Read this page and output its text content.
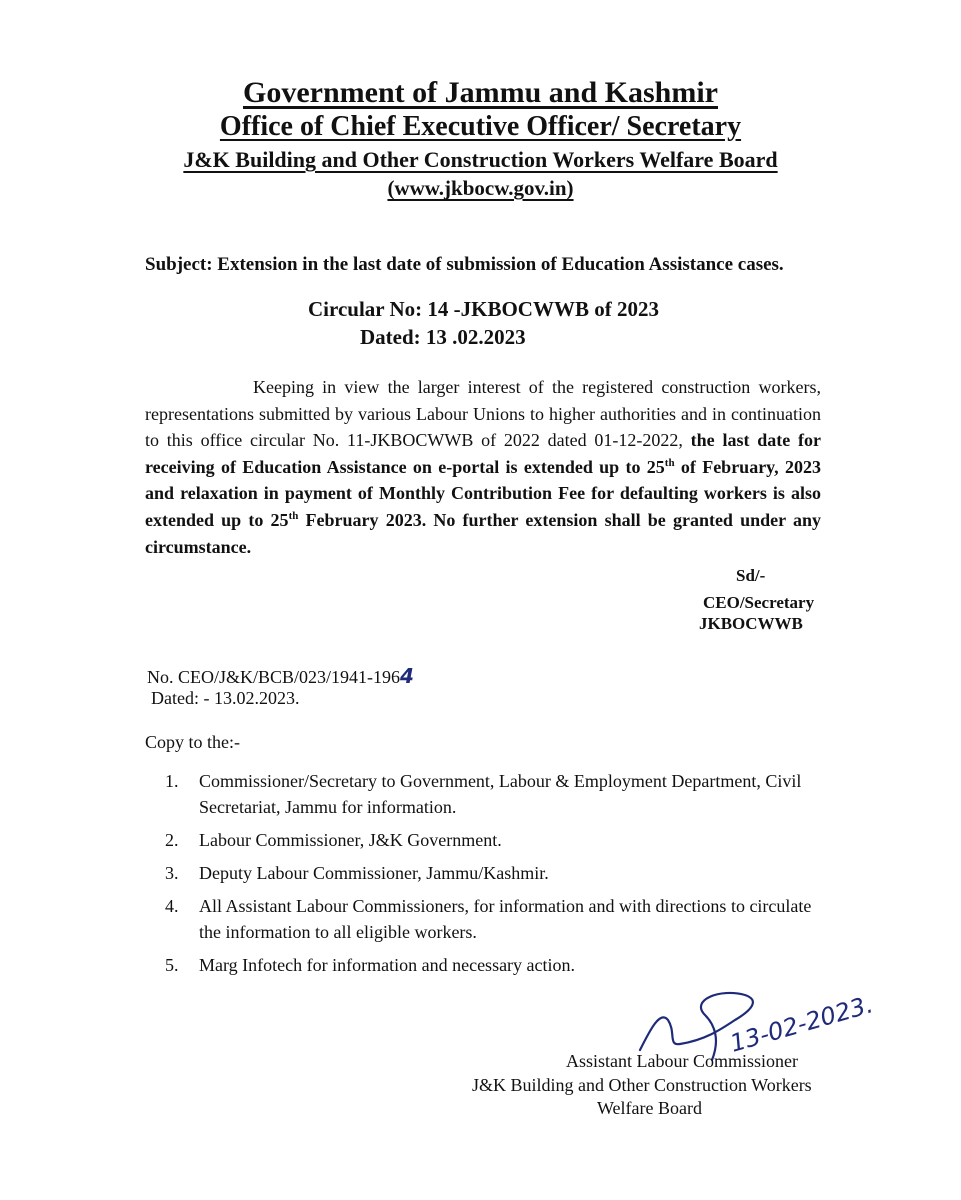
Government of Jammu and Kashmir
Office of Chief Executive Officer/ Secretary
J&K Building and Other Construction Workers Welfare Board
(www.jkbocw.gov.in)
Subject: Extension in the last date of submission of Education Assistance cases.
Circular No: 14 -JKBOCWWB of 2023
Dated: 13 .02.2023
Keeping in view the larger interest of the registered construction workers, representations submitted by various Labour Unions to higher authorities and in continuation to this office circular No. 11-JKBOCWWB of 2022 dated 01-12-2022, the last date for receiving of Education Assistance on e-portal is extended up to 25th of February, 2023 and relaxation in payment of Monthly Contribution Fee for defaulting workers is also extended up to 25th February 2023. No further extension shall be granted under any circumstance.
Sd/-
CEO/Secretary
JKBOCWWB
No. CEO/J&K/BCB/023/1941-1964
Dated: - 13.02.2023.
Copy to the:-
1. Commissioner/Secretary to Government, Labour & Employment Department, Civil Secretariat, Jammu for information.
2. Labour Commissioner, J&K Government.
3. Deputy Labour Commissioner, Jammu/Kashmir.
4. All Assistant Labour Commissioners, for information and with directions to circulate the information to all eligible workers.
5. Marg Infotech for information and necessary action.
13-02-2023.
Assistant Labour Commissioner
J&K Building and Other Construction Workers
Welfare Board
